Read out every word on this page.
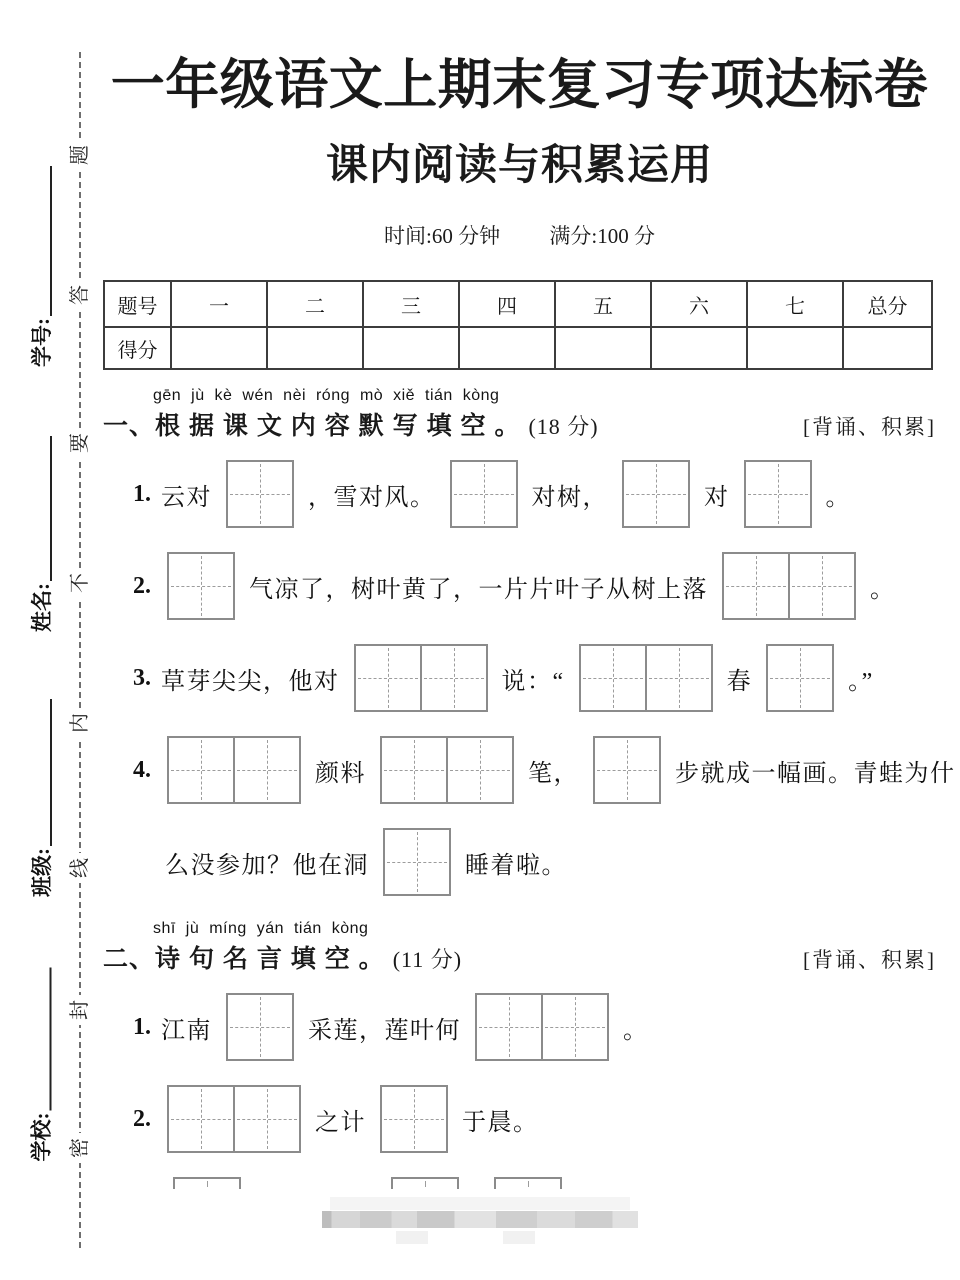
题
答
要
不
内
线
封
密
学号:
姓名:
班级:
学校:
一年级语文上期末复习专项达标卷
课内阅读与积累运用
时间:60 分钟 满分:100 分
题号	一	二	三	四	五	六	七	总分
得分								
gēn jù kè wén nèi róng mò xiě tián kòng
一、根 据 课 文 内 容 默 写 填 空 。 (18 分)	[背诵、积累]
1. 云对	，雪对风。	对树，	对	。
2.	气凉了，树叶黄了，一片片叶子从树上落	。
3. 草芽尖尖，他对	说：“	春	。”
4.	颜料	笔，	步就成一幅画。青蛙为什
么没参加？他在洞	睡着啦。
shī jù míng yán tián kòng
二、诗 句 名 言 填 空 。 (11 分)	[背诵、积累]
1. 江南	采莲，莲叶何	。
2.	之计	于晨。
